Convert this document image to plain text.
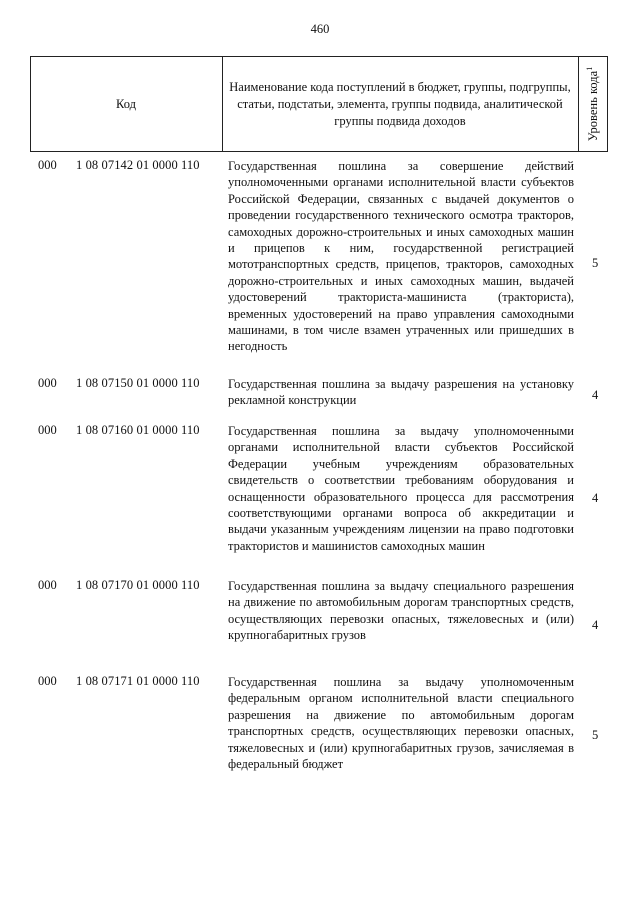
460
Код
Наименование кода поступлений в бюджет, группы, подгруппы, статьи, подстатьи, элемента, группы подвида, аналитической группы подвида доходов	Уровень кода$^1$
000 1 08 07142 01 0000 110 Государственная пошлина за совершение действий уполномоченными органами исполнительной власти субъектов Российской Федерации, связанных с выдачей документов о проведении государственного технического осмотра тракторов, самоходных дорожно-строительных и иных самоходных машин и прицепов к ним, государственной регистрацией мототранспортных средств, прицепов, тракторов, самоходных дорожно-строительных и иных самоходных машин, выдачей удостоверений тракториста-машиниста (тракториста), временных удостоверений на право управления самоходными машинами, в том числе взамен утраченных или пришедших в негодность
5
000 1 08 07150 01 0000 110 Государственная пошлина за выдачу разрешения на установку рекламной конструкции	4
000 1 08 07160 01 0000 110 Государственная пошлина за выдачу уполномоченными органами исполнительной власти субъектов Российской Федерации учебным учреждениям образовательных свидетельств о соответствии требованиям оборудования и оснащенности образовательного процесса для рассмотрения соответствующими органами вопроса об аккредитации и выдачи указанным учреждениям лицензии на право подготовки трактористов и машинистов самоходных машин
4
000 1 08 07170 01 0000 110 Государственная пошлина за выдачу специального разрешения на движение по автомобильным дорогам транспортных средств, осуществляющих перевозки опасных, тяжеловесных и (или) крупногабаритных грузов
4
000 1 08 07171 01 0000 110 Государственная пошлина за выдачу уполномоченным федеральным органом исполнительной власти специального разрешения на движение по автомобильным дорогам транспортных средств, осуществляющих перевозки опасных, тяжеловесных и (или) крупногабаритных грузов, зачисляемая в федеральный бюджет
5
